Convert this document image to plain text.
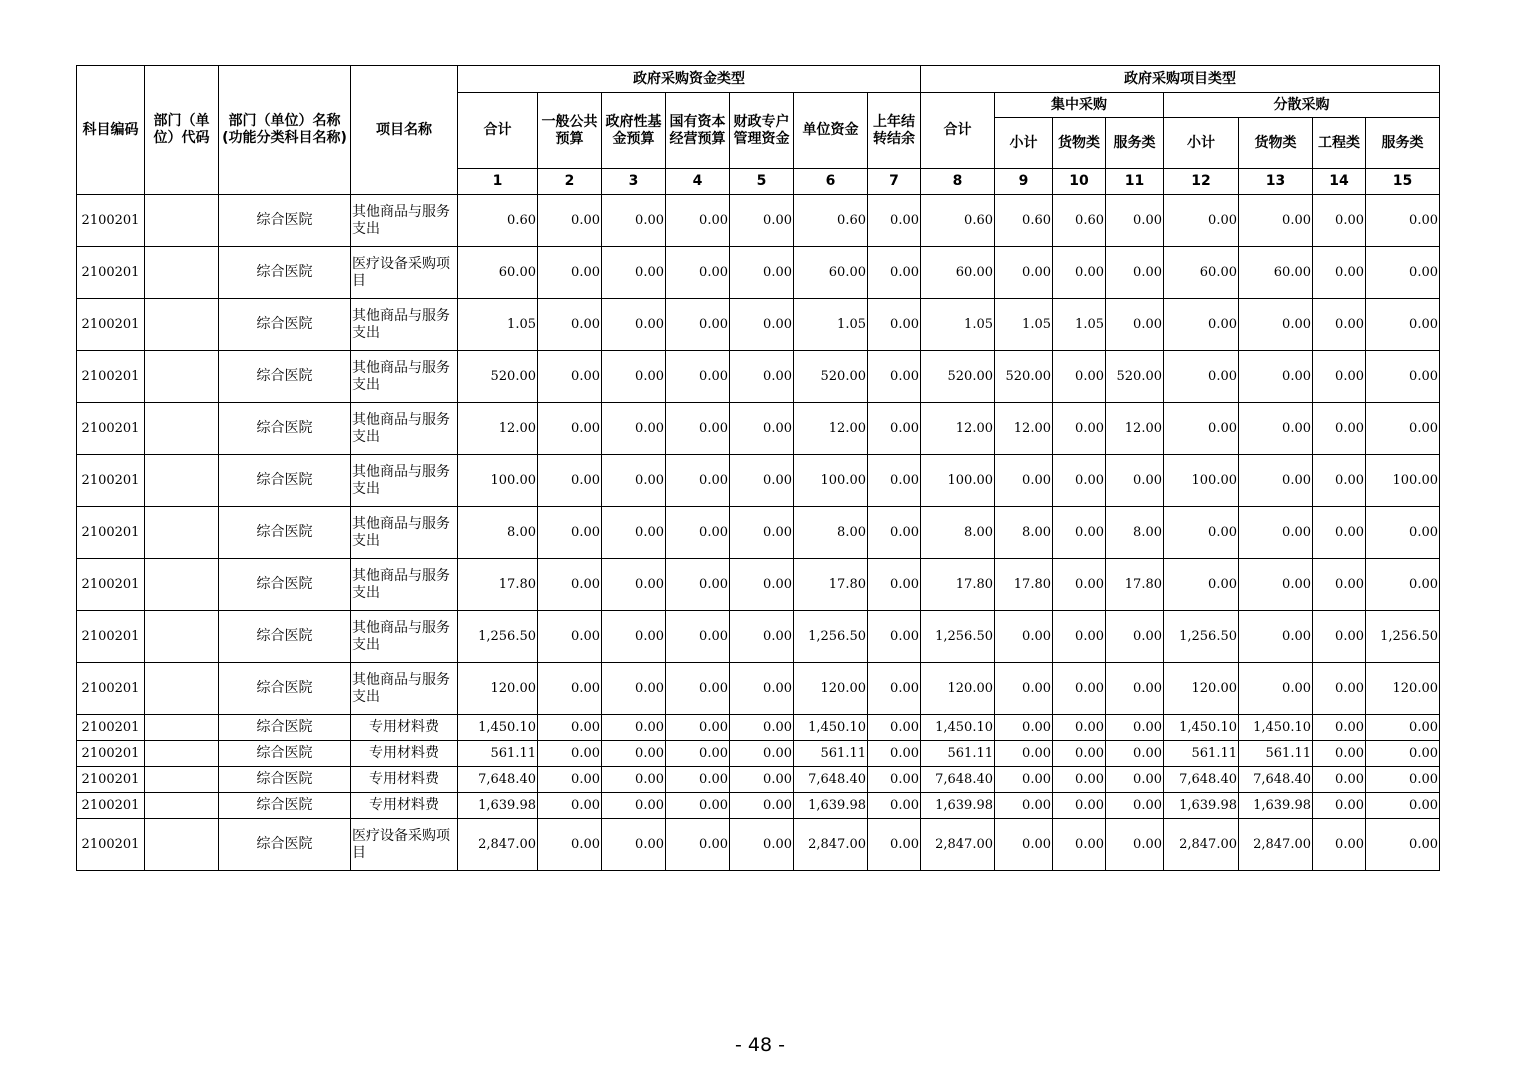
科目编码	部门（单位）代码	部门（单位）名称(功能分类科目名称)	项目名称	政府采购资金类型							政府采购项目类型							
				合计	一般公共预算	政府性基金预算	国有资本经营预算	财政专户管理资金	单位资金	上年结转结余	合计	集中采购			分散采购			
												小计	货物类	服务类	小计	货物类	工程类	服务类
				1	2	3	4	5	6	7	8	9	10	11	12	13	14	15
2100201		综合医院	其他商品与服务支出	0.60	0.00	0.00	0.00	0.00	0.60	0.00	0.60	0.60	0.60	0.00	0.00	0.00	0.00	0.00
2100201		综合医院	医疗设备采购项目	60.00	0.00	0.00	0.00	0.00	60.00	0.00	60.00	0.00	0.00	0.00	60.00	60.00	0.00	0.00
2100201		综合医院	其他商品与服务支出	1.05	0.00	0.00	0.00	0.00	1.05	0.00	1.05	1.05	1.05	0.00	0.00	0.00	0.00	0.00
2100201		综合医院	其他商品与服务支出	520.00	0.00	0.00	0.00	0.00	520.00	0.00	520.00	520.00	0.00	520.00	0.00	0.00	0.00	0.00
2100201		综合医院	其他商品与服务支出	12.00	0.00	0.00	0.00	0.00	12.00	0.00	12.00	12.00	0.00	12.00	0.00	0.00	0.00	0.00
2100201		综合医院	其他商品与服务支出	100.00	0.00	0.00	0.00	0.00	100.00	0.00	100.00	0.00	0.00	0.00	100.00	0.00	0.00	100.00
2100201		综合医院	其他商品与服务支出	8.00	0.00	0.00	0.00	0.00	8.00	0.00	8.00	8.00	0.00	8.00	0.00	0.00	0.00	0.00
2100201		综合医院	其他商品与服务支出	17.80	0.00	0.00	0.00	0.00	17.80	0.00	17.80	17.80	0.00	17.80	0.00	0.00	0.00	0.00
2100201		综合医院	其他商品与服务支出	1,256.50	0.00	0.00	0.00	0.00	1,256.50	0.00	1,256.50	0.00	0.00	0.00	1,256.50	0.00	0.00	1,256.50
2100201		综合医院	其他商品与服务支出	120.00	0.00	0.00	0.00	0.00	120.00	0.00	120.00	0.00	0.00	0.00	120.00	0.00	0.00	120.00
2100201		综合医院	专用材料费	1,450.10	0.00	0.00	0.00	0.00	1,450.10	0.00	1,450.10	0.00	0.00	0.00	1,450.10	1,450.10	0.00	0.00
2100201		综合医院	专用材料费	561.11	0.00	0.00	0.00	0.00	561.11	0.00	561.11	0.00	0.00	0.00	561.11	561.11	0.00	0.00
2100201		综合医院	专用材料费	7,648.40	0.00	0.00	0.00	0.00	7,648.40	0.00	7,648.40	0.00	0.00	0.00	7,648.40	7,648.40	0.00	0.00
2100201		综合医院	专用材料费	1,639.98	0.00	0.00	0.00	0.00	1,639.98	0.00	1,639.98	0.00	0.00	0.00	1,639.98	1,639.98	0.00	0.00
2100201		综合医院	医疗设备采购项目	2,847.00	0.00	0.00	0.00	0.00	2,847.00	0.00	2,847.00	0.00	0.00	0.00	2,847.00	2,847.00	0.00	0.00
- 48 -
